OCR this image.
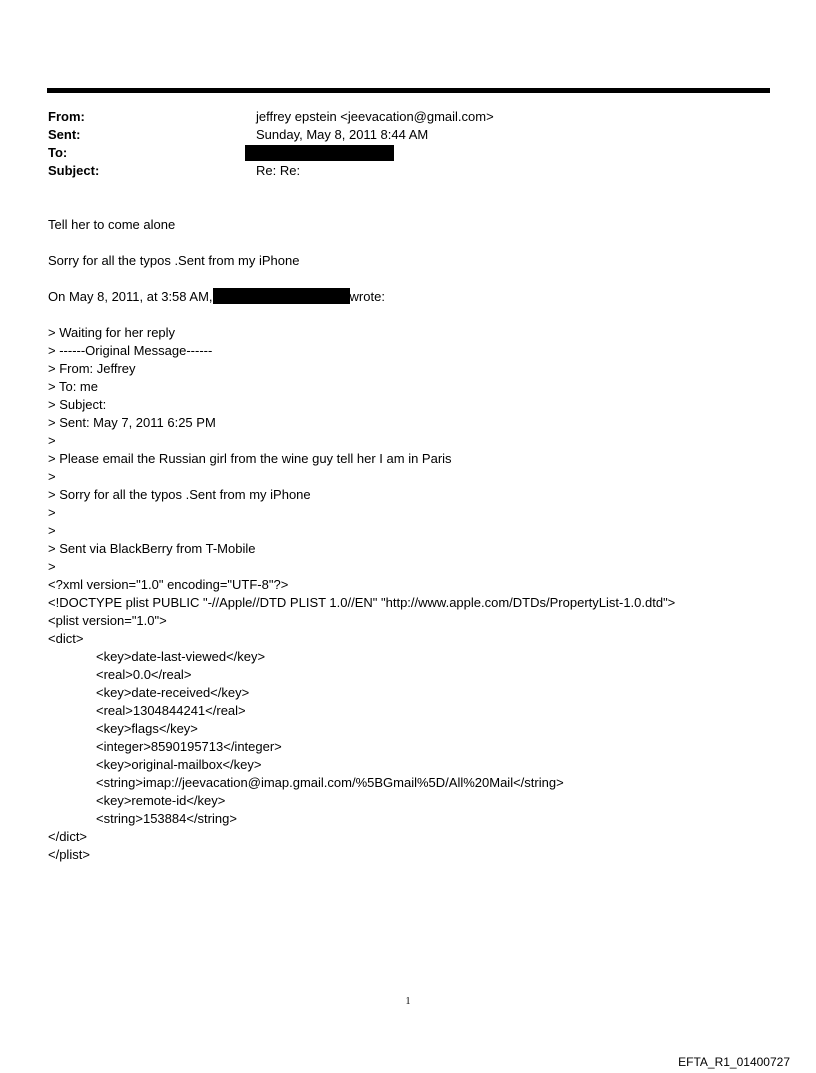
From:	jeffrey epstein <jeevacation@gmail.com>
Sent:	Sunday, May 8, 2011 8:44 AM
To:
Subject:	Re: Re:
Tell her to come alone
Sorry for all the typos .Sent from my iPhone
On May 8, 2011, at 3:58 AM,	wrote:
> Waiting for her reply
> ------Original Message------
> From: Jeffrey
> To: me
> Subject:
> Sent: May 7, 2011 6:25 PM
>
> Please email the Russian girl from the wine guy tell her I am in Paris
>
> Sorry for all the typos .Sent from my iPhone
>
>
> Sent via BlackBerry from T-Mobile
>
<?xml version="1.0" encoding="UTF-8"?>
<!DOCTYPE plist PUBLIC "-//Apple//DTD PLIST 1.0//EN" "http://www.apple.com/DTDs/PropertyList-1.0.dtd">
<plist version="1.0">
<dict>
<key>date-last-viewed</key>
<real>0.0</real>
<key>date-received</key>
<real>1304844241</real>
<key>flags</key>
<integer>8590195713</integer>
<key>original-mailbox</key>
<string>imap://jeevacation@imap.gmail.com/%5BGmail%5D/All%20Mail</string>
<key>remote-id</key>
<string>153884</string>
</dict>
</plist>
1
EFTA_R1_01400727
